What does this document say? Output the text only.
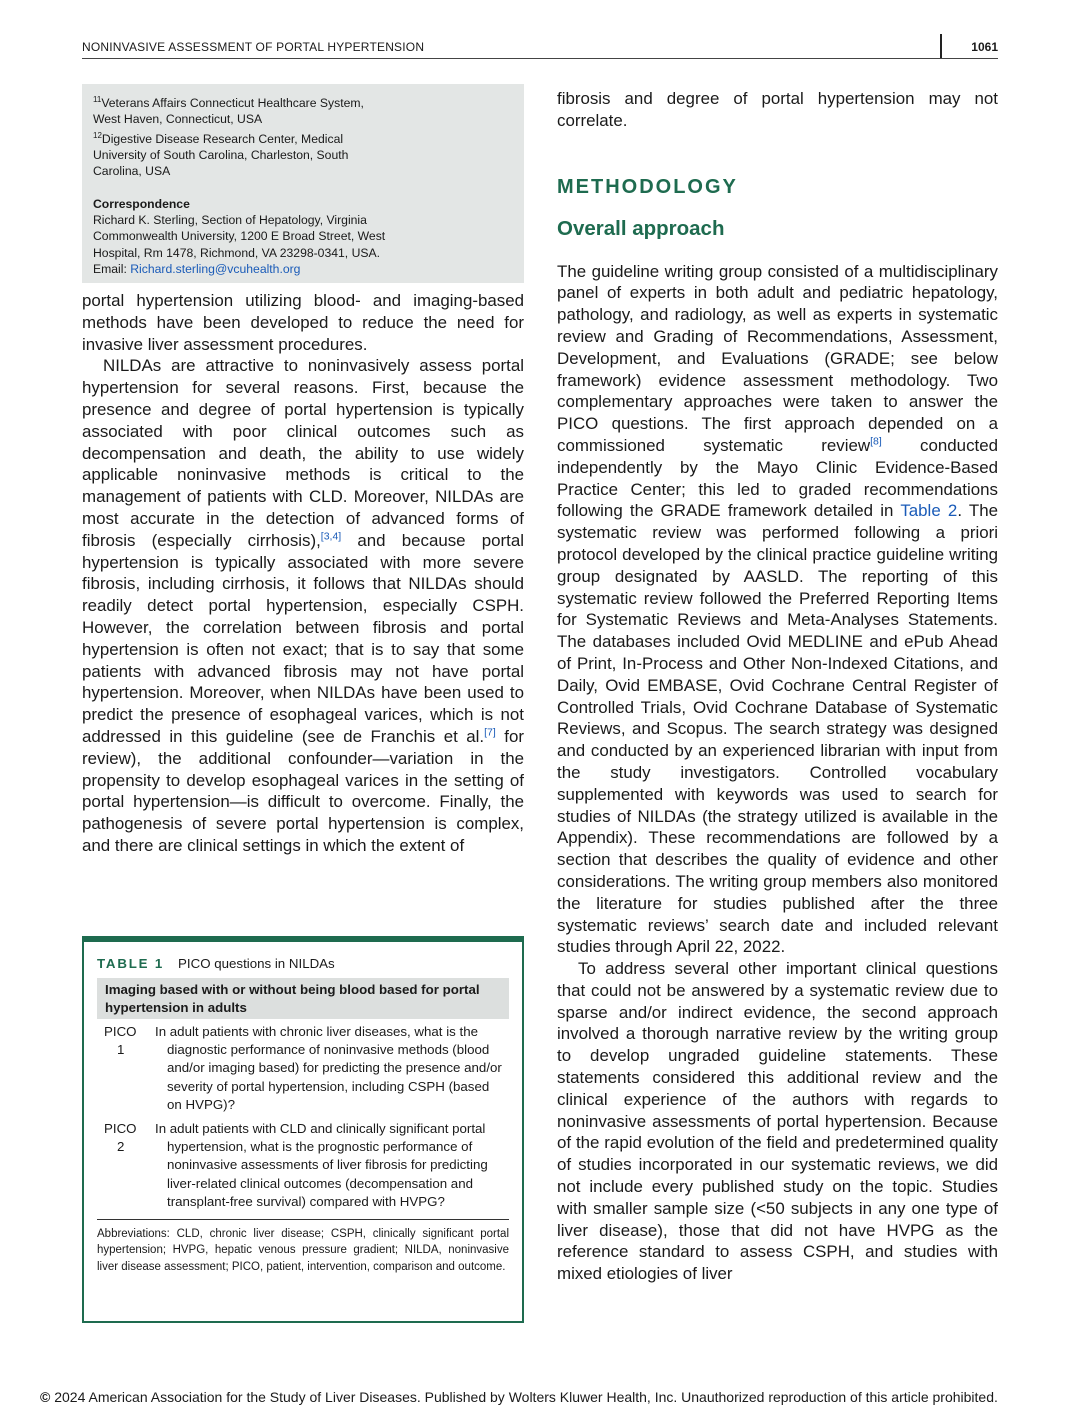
NONINVASIVE ASSESSMENT OF PORTAL HYPERTENSION	1061
$^{11}$Veterans Affairs Connecticut Healthcare System,
West Haven, Connecticut, USA
$^{12}$Digestive Disease Research Center, Medical
University of South Carolina, Charleston, South
Carolina, USA
Correspondence
Richard K. Sterling, Section of Hepatology, Virginia
Commonwealth University, 1200 E Broad Street, West
Hospital, Rm 1478, Richmond, VA 23298-0341, USA.
Email: Richard.sterling@vcuhealth.org

portal hypertension utilizing blood- and imaging-based methods have been developed to reduce the need for invasive liver assessment procedures.

NILDAs are attractive to noninvasively assess portal hypertension for several reasons. First, because the presence and degree of portal hypertension is typically associated with poor clinical outcomes such as decompensation and death, the ability to use widely applicable noninvasive methods is critical to the management of patients with CLD. Moreover, NILDAs are most accurate in the detection of advanced forms of fibrosis (especially cirrhosis),[3,4] and because portal hypertension is typically associated with more severe fibrosis, including cirrhosis, it follows that NILDAs should readily detect portal hypertension, especially CSPH. However, the correlation between fibrosis and portal hypertension is often not exact; that is to say that some patients with advanced fibrosis may not have portal hypertension. Moreover, when NILDAs have been used to predict the presence of esophageal varices, which is not addressed in this guideline (see de Franchis et al.[7] for review), the additional confounder—variation in the propensity to develop esophageal varices in the setting of portal hypertension—is difficult to overcome. Finally, the pathogenesis of severe portal hypertension is complex, and there are clinical settings in which the extent of

TABLE 1 PICO questions in NILDAs
Imaging based with or without being blood based for portal hypertension in adults
PICO
1
In adult patients with chronic liver diseases, what is the diagnostic performance of noninvasive methods (blood and/or imaging based) for predicting the presence and/or severity of portal hypertension, including CSPH (based on HVPG)?
PICO
2
In adult patients with CLD and clinically significant portal hypertension, what is the prognostic performance of noninvasive assessments of liver fibrosis for predicting liver-related clinical outcomes (decompensation and transplant-free survival) compared with HVPG?
Abbreviations: CLD, chronic liver disease; CSPH, clinically significant portal hypertension; HVPG, hepatic venous pressure gradient; NILDA, noninvasive liver disease assessment; PICO, patient, intervention, comparison and outcome.

fibrosis and degree of portal hypertension may not correlate.

METHODOLOGY
Overall approach

The guideline writing group consisted of a multidisciplinary panel of experts in both adult and pediatric hepatology, pathology, and radiology, as well as experts in systematic review and Grading of Recommendations, Assessment, Development, and Evaluations (GRADE; see below framework) evidence assessment methodology. Two complementary approaches were taken to answer the PICO questions. The first approach depended on a commissioned systematic review[8] conducted independently by the Mayo Clinic Evidence-Based Practice Center; this led to graded recommendations following the GRADE framework detailed in Table 2. The systematic review was performed following a priori protocol developed by the clinical practice guideline writing group designated by AASLD. The reporting of this systematic review followed the Preferred Reporting Items for Systematic Reviews and Meta-Analyses Statements. The databases included Ovid MEDLINE and ePub Ahead of Print, In-Process and Other Non-Indexed Citations, and Daily, Ovid EMBASE, Ovid Cochrane Central Register of Controlled Trials, Ovid Cochrane Database of Systematic Reviews, and Scopus. The search strategy was designed and conducted by an experienced librarian with input from the study investigators. Controlled vocabulary supplemented with keywords was used to search for studies of NILDAs (the strategy utilized is available in the Appendix). These recommendations are followed by a section that describes the quality of evidence and other considerations. The writing group members also monitored the literature for studies published after the three systematic reviews’ search date and included relevant studies through April 22, 2022.

To address several other important clinical questions that could not be answered by a systematic review due to sparse and/or indirect evidence, the second approach involved a thorough narrative review by the writing group to develop ungraded guideline statements. These statements considered this additional review and the clinical experience of the authors with regards to noninvasive assessments of portal hypertension. Because of the rapid evolution of the field and predetermined quality of studies incorporated in our systematic reviews, we did not include every published study on the topic. Studies with smaller sample size (<50 subjects in any one type of liver disease), those that did not have HVPG as the reference standard to assess CSPH, and studies with mixed etiologies of liver

© 2024 American Association for the Study of Liver Diseases. Published by Wolters Kluwer Health, Inc. Unauthorized reproduction of this article prohibited.
